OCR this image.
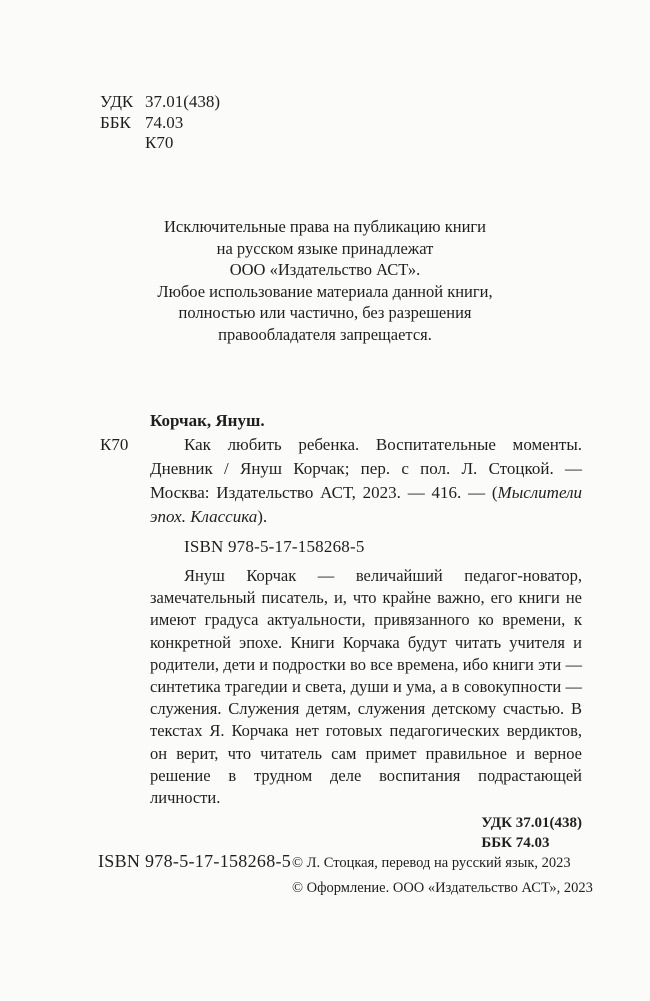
УДК 37.01(438)
ББК 74.03
К70
Исключительные права на публикацию книги
на русском языке принадлежат
ООО «Издательство АСТ».
Любое использование материала данной книги,
полностью или частично, без разрешения
правообладателя запрещается.
Корчак, Януш.
К70	Как любить ребенка. Воспитательные моменты. Дневник / Януш Корчак; пер. с пол. Л. Стоцкой. — Москва: Издательство АСТ, 2023. — 416. — (Мыслители эпох. Классика).
ISBN 978-5-17-158268-5

Януш Корчак — величайший педагог-новатор, замечательный писатель, и, что крайне важно, его книги не имеют градуса актуальности, привязанного ко времени, к конкретной эпохе. Книги Корчака будут читать учителя и родители, дети и подростки во все времена, ибо книги эти — синтетика трагедии и света, души и ума, а в совокупности — служения. Служения детям, служения детскому счастью. В текстах Я. Корчака нет готовых педагогических вердиктов, он верит, что читатель сам примет правильное и верное решение в трудном деле воспитания подрастающей личности.

УДК 37.01(438)
ББК 74.03
ISBN 978-5-17-158268-5 © Л. Стоцкая, перевод на русский язык, 2023
© Оформление. ООО «Издательство АСТ», 2023
